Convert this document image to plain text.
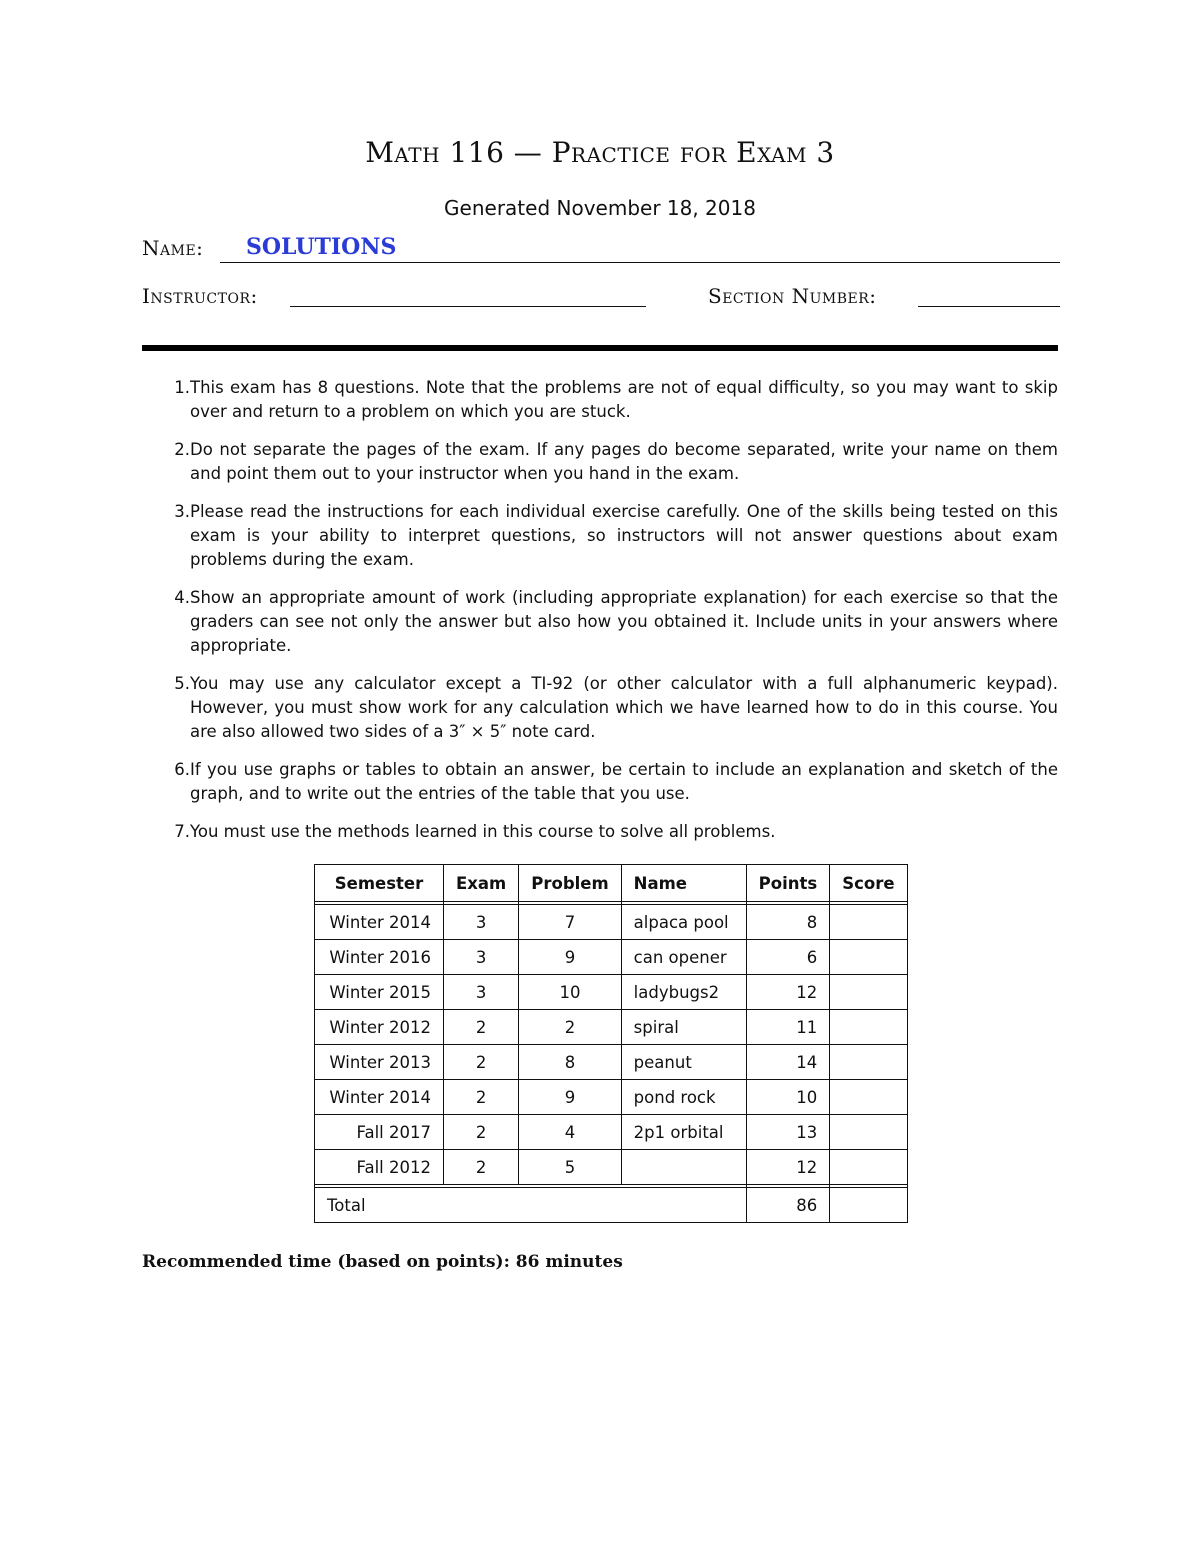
Math 116 — Practice for Exam 3
Generated November 18, 2018
Name: SOLUTIONS
Instructor:	Section Number:
1. This exam has 8 questions. Note that the problems are not of equal difficulty, so you may want to skip over and return to a problem on which you are stuck.
2. Do not separate the pages of the exam. If any pages do become separated, write your name on them and point them out to your instructor when you hand in the exam.
3. Please read the instructions for each individual exercise carefully. One of the skills being tested on this exam is your ability to interpret questions, so instructors will not answer questions about exam problems during the exam.
4. Show an appropriate amount of work (including appropriate explanation) for each exercise so that the graders can see not only the answer but also how you obtained it. Include units in your answers where appropriate.
5. You may use any calculator except a TI-92 (or other calculator with a full alphanumeric keypad). However, you must show work for any calculation which we have learned how to do in this course. You are also allowed two sides of a 3″ × 5″ note card.
6. If you use graphs or tables to obtain an answer, be certain to include an explanation and sketch of the graph, and to write out the entries of the table that you use.
7. You must use the methods learned in this course to solve all problems.
Semester	Exam	Problem	Name	Points	Score

Winter 2014	3	7	alpaca pool	8	
Winter 2016	3	9	can opener	6	
Winter 2015	3	10	ladybugs2	12	
Winter 2012	2	2	spiral	11	
Winter 2013	2	8	peanut	14	
Winter 2014	2	9	pond rock	10	
Fall 2017	2	4	2p1 orbital	13	
Fall 2012	2	5		12	

Total				86	
Recommended time (based on points): 86 minutes
